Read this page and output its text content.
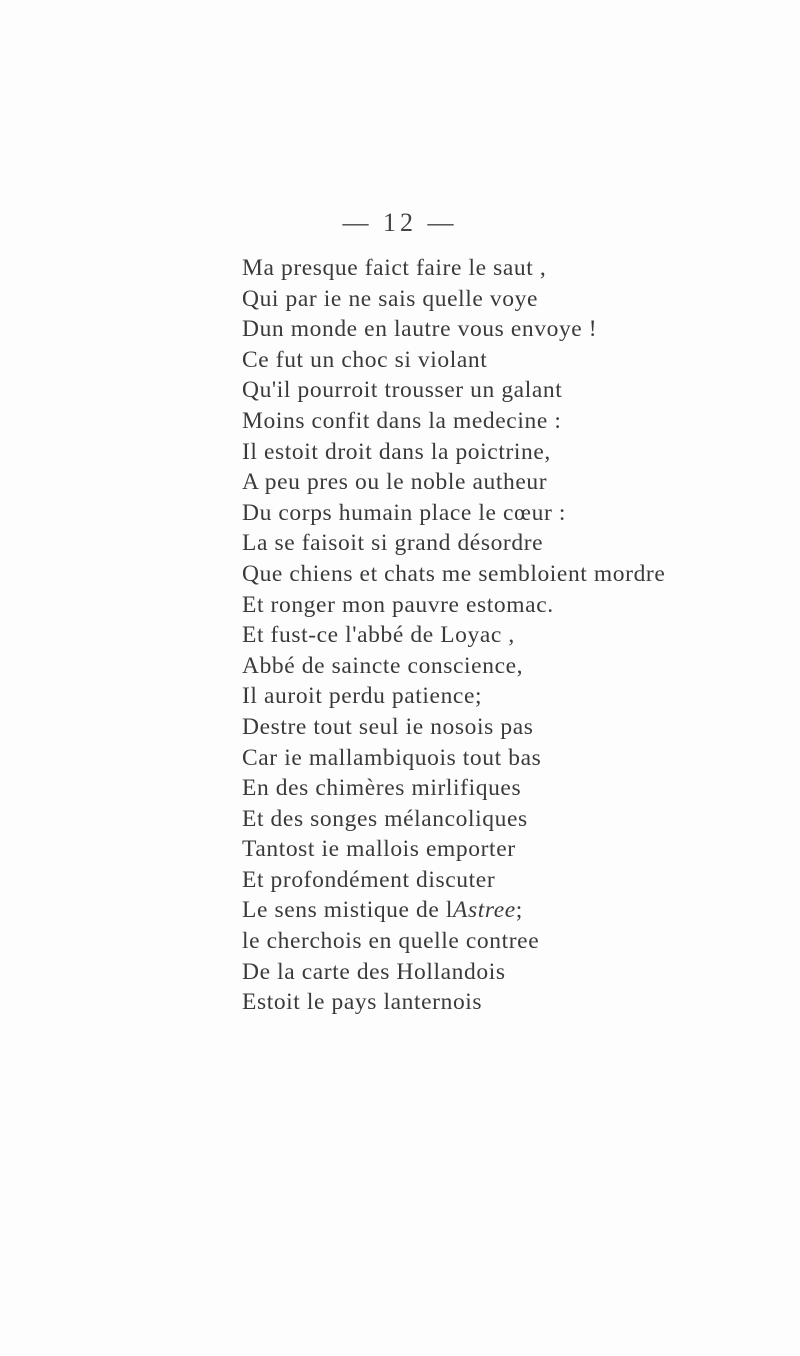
— 12 —
Ma presque faict faire le saut ,
Qui par ie ne sais quelle voye
Dun monde en lautre vous envoye !
Ce fut un choc si violant
Qu'il pourroit trousser un galant
Moins confit dans la medecine :
Il estoit droit dans la poictrine,
A peu pres ou le noble autheur
Du corps humain place le cœur :
La se faisoit si grand désordre
Que chiens et chats me sembloient mordre
Et ronger mon pauvre estomac.
Et fust-ce l'abbé de Loyac ,
Abbé de saincte conscience,
Il auroit perdu patience;
Destre tout seul ie nosois pas
Car ie mallambiquois tout bas
En des chimères mirlifiques
Et des songes mélancoliques
Tantost ie mallois emporter
Et profondément discuter
Le sens mistique de lAstree;
le cherchois en quelle contree
De la carte des Hollandois
Estoit le pays lanternois
